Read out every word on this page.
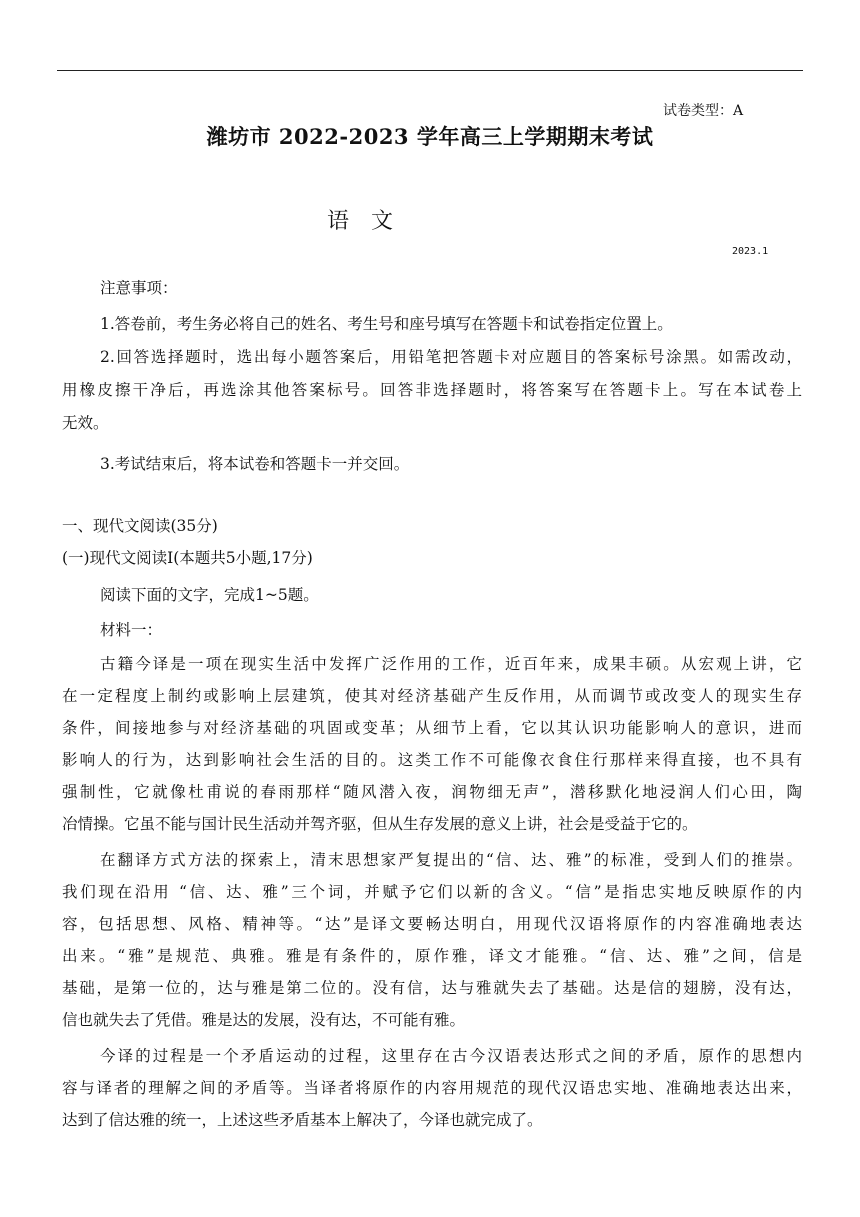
试卷类型：A
潍坊市 2022-2023 学年高三上学期期末考试
语文
2023.1
注意事项：
1.答卷前，考生务必将自己的姓名、考生号和座号填写在答题卡和试卷指定位置上。
2.回答选择题时，选出每小题答案后，用铅笔把答题卡对应题目的答案标号涂黑。如需改动，
用橡皮擦干净后，再选涂其他答案标号。回答非选择题时，将答案写在答题卡上。写在本试卷上
无效。
3.考试结束后，将本试卷和答题卡一并交回。
一、现代文阅读(35分)
(一)现代文阅读Ⅰ(本题共5小题,17分)
阅读下面的文字，完成1~5题。
材料一：
古籍今译是一项在现实生活中发挥广泛作用的工作，近百年来，成果丰硕。从宏观上讲，它
在一定程度上制约或影响上层建筑，使其对经济基础产生反作用，从而调节或改变人的现实生存
条件，间接地参与对经济基础的巩固或变革；从细节上看，它以其认识功能影响人的意识，进而
影响人的行为，达到影响社会生活的目的。这类工作不可能像衣食住行那样来得直接，也不具有
强制性，它就像杜甫说的春雨那样“随风潜入夜，润物细无声”，潜移默化地浸润人们心田，陶
冶情操。它虽不能与国计民生活动并驾齐驱，但从生存发展的意义上讲，社会是受益于它的。
在翻译方式方法的探索上，清末思想家严复提出的“信、达、雅”的标准，受到人们的推崇。
我们现在沿用 “信、达、雅”三个词，并赋予它们以新的含义。“信”是指忠实地反映原作的内
容，包括思想、风格、精神等。“达”是译文要畅达明白，用现代汉语将原作的内容准确地表达
出来。“雅”是规范、典雅。雅是有条件的，原作雅，译文才能雅。“信、达、雅”之间，信是
基础，是第一位的，达与雅是第二位的。没有信，达与雅就失去了基础。达是信的翅膀，没有达，
信也就失去了凭借。雅是达的发展，没有达，不可能有雅。
今译的过程是一个矛盾运动的过程，这里存在古今汉语表达形式之间的矛盾，原作的思想内
容与译者的理解之间的矛盾等。当译者将原作的内容用规范的现代汉语忠实地、准确地表达出来，
达到了信达雅的统一，上述这些矛盾基本上解决了，今译也就完成了。
